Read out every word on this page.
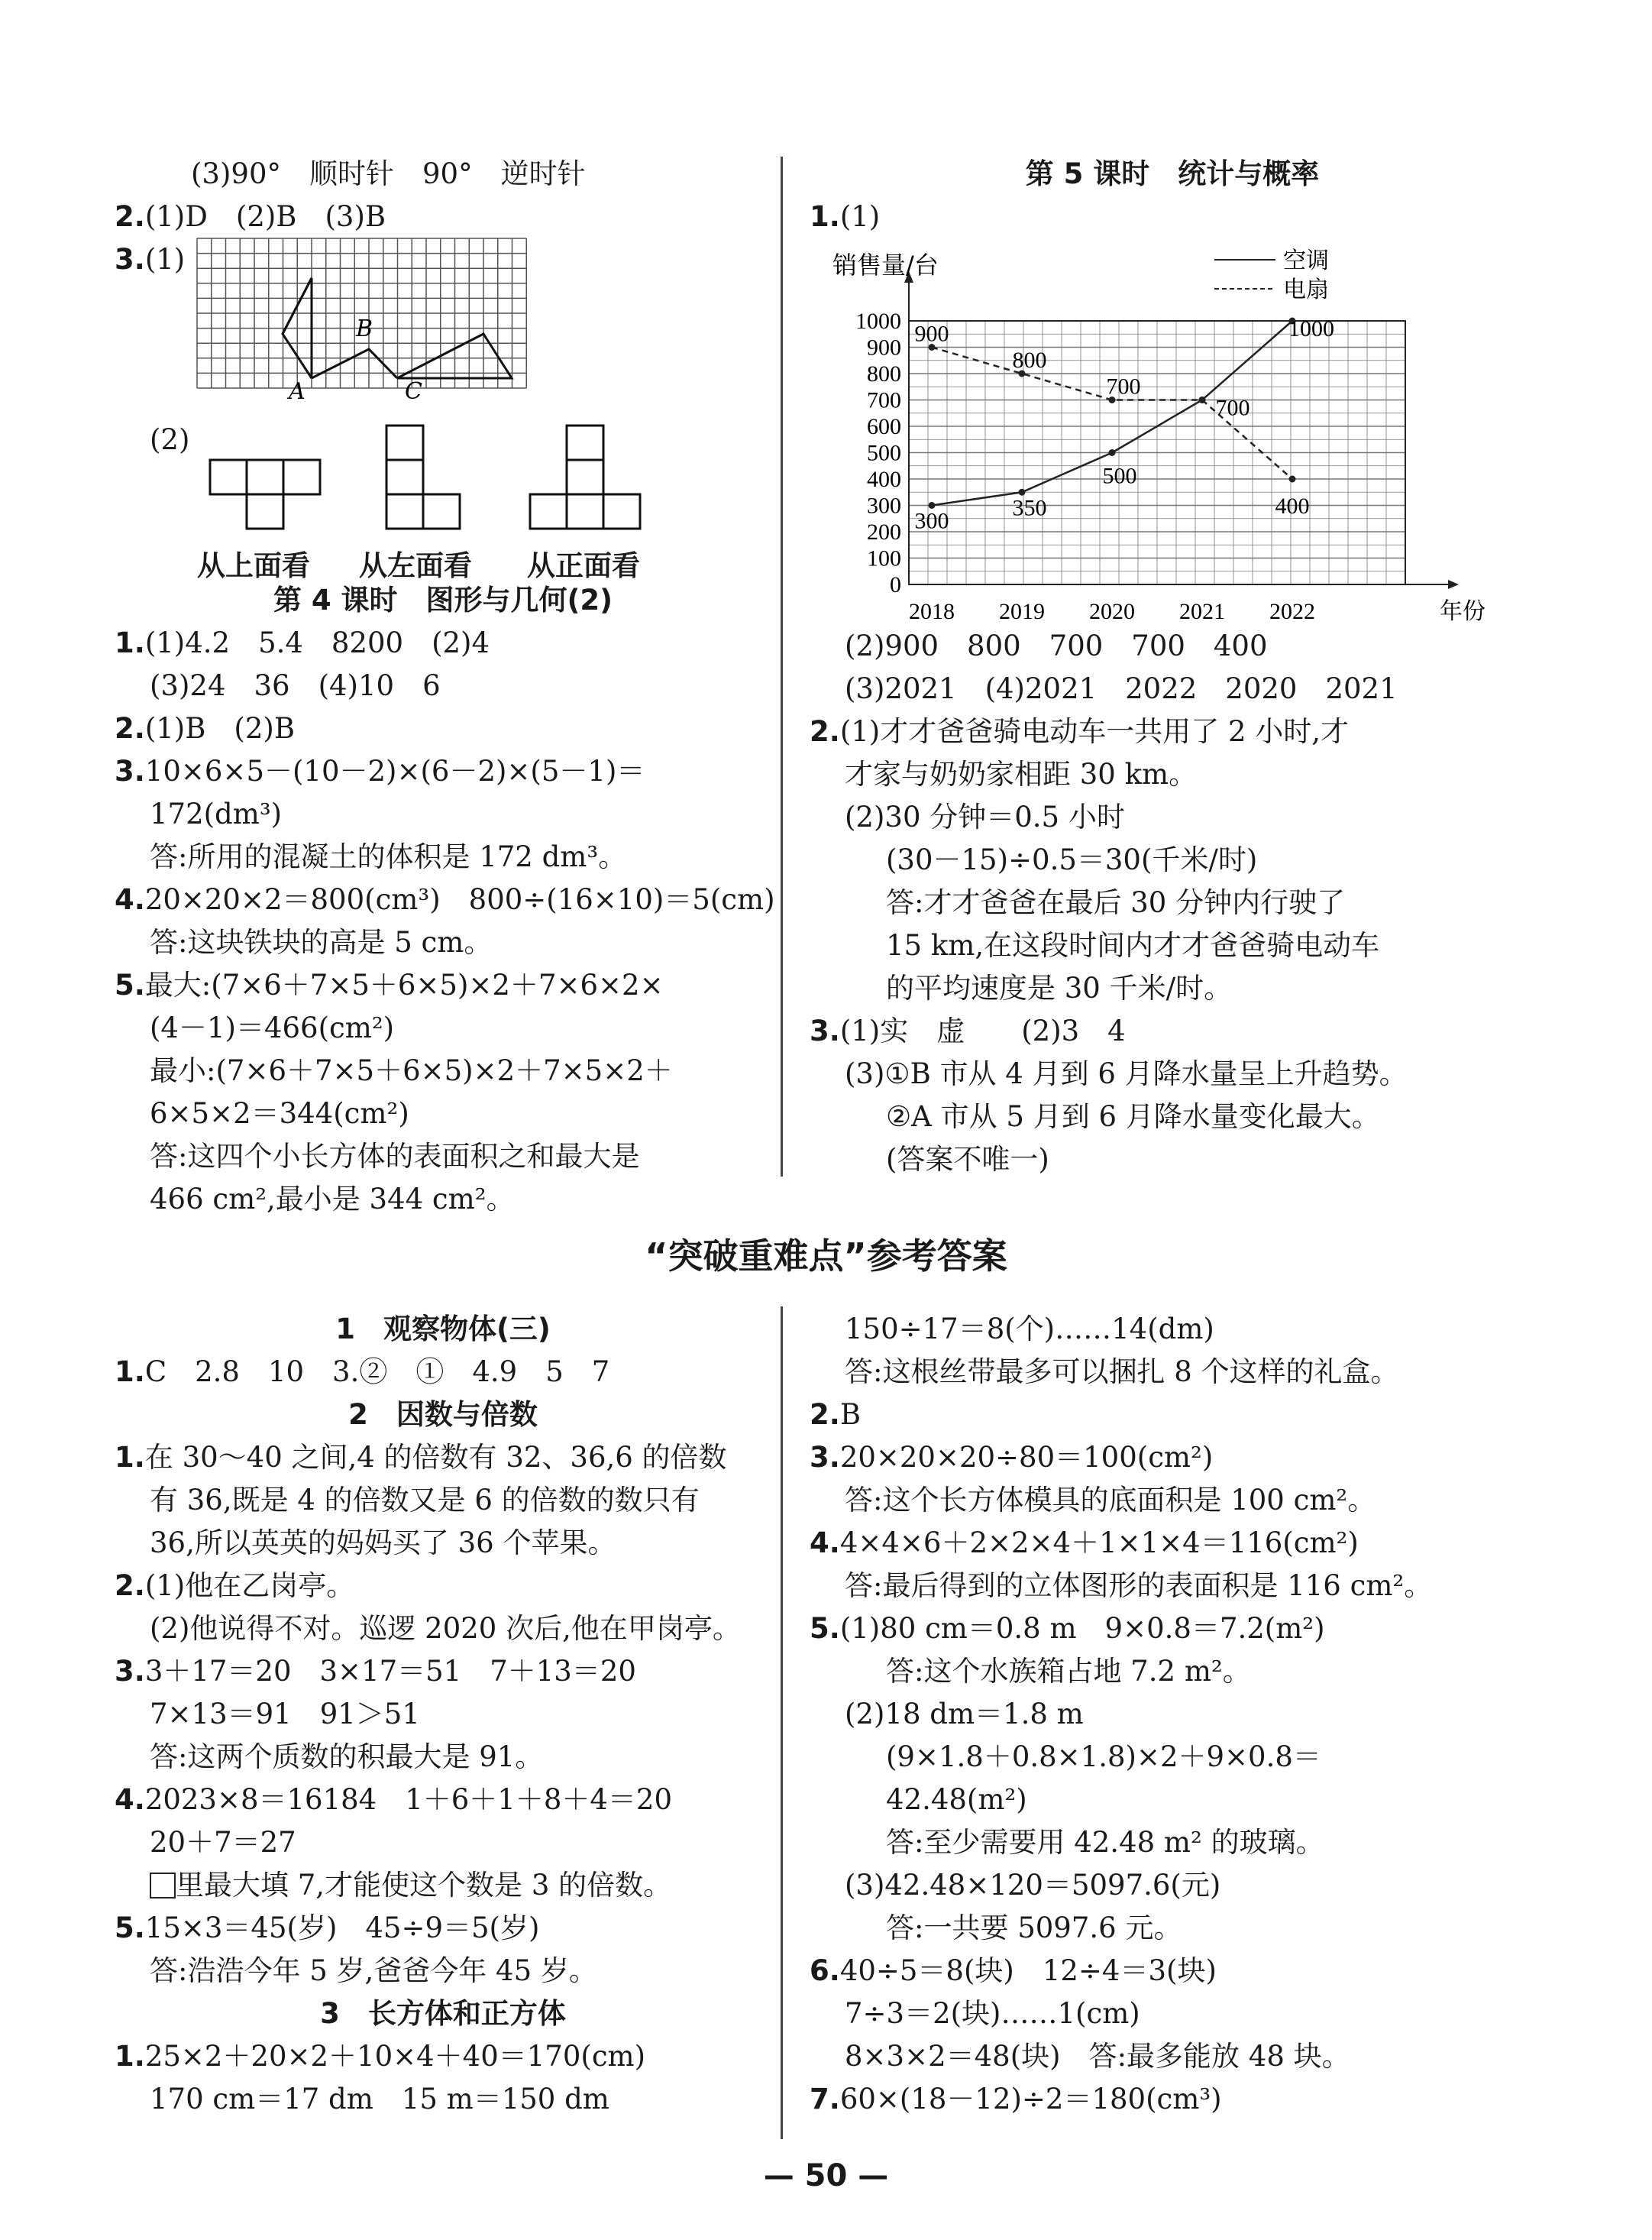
(3)90°　顺时针　90°　逆时针
2.(1)D　(2)B　(3)B
3.(1)
A
B
C
(2)
从上面看 从左面看 从正面看
第 4 课时　图形与几何(2)
1.(1)4.2　5.4　8200　(2)4
(3)24　36　(4)10　6
2.(1)B　(2)B
3.10×6×5－(10－2)×(6－2)×(5－1)＝
172(dm³)
答:所用的混凝土的体积是 172 dm³。
4.20×20×2＝800(cm³)　800÷(16×10)＝5(cm)
答:这块铁块的高是 5 cm。
5.最大:(7×6＋7×5＋6×5)×2＋7×6×2×
(4－1)＝466(cm²)
最小:(7×6＋7×5＋6×5)×2＋7×5×2＋
6×5×2＝344(cm²)
答:这四个小长方体的表面积之和最大是
466 cm²,最小是 344 cm²。
第 5 课时　统计与概率
1.(1)
0
100
200
300
400
500
600
700
800
900
1000
2018 2019 2020 2021 2022	年份
销售量/台	空调
电扇
300
350
500
1000
900
800
700
700
400
(2)900　800　700　700　400
(3)2021　(4)2021　2022　2020　2021
2.(1)才才爸爸骑电动车一共用了 2 小时,才
才家与奶奶家相距 30 km。
(2)30 分钟＝0.5 小时
(30－15)÷0.5＝30(千米/时)
答:才才爸爸在最后 30 分钟内行驶了
15 km,在这段时间内才才爸爸骑电动车
的平均速度是 30 千米/时。
3.(1)实　虚　　(2)3　4
(3)①B 市从 4 月到 6 月降水量呈上升趋势。
②A 市从 5 月到 6 月降水量变化最大。
(答案不唯一)
“突破重难点”参考答案
1　观察物体(三)
1.C　2.8　10　3.②　①　4.9　5　7
2　因数与倍数
1.在 30～40 之间,4 的倍数有 32、36,6 的倍数
有 36,既是 4 的倍数又是 6 的倍数的数只有
36,所以英英的妈妈买了 36 个苹果。
2.(1)他在乙岗亭。
(2)他说得不对。巡逻 2020 次后,他在甲岗亭。
3.3＋17＝20　3×17＝51　7＋13＝20
7×13＝91　91＞51
答:这两个质数的积最大是 91。
4.2023×8＝16184　1＋6＋1＋8＋4＝20
20＋7＝27
里最大填 7,才能使这个数是 3 的倍数。
5.15×3＝45(岁)　45÷9＝5(岁)
答:浩浩今年 5 岁,爸爸今年 45 岁。
3　长方体和正方体
1.25×2＋20×2＋10×4＋40＝170(cm)
170 cm＝17 dm　15 m＝150 dm
150÷17＝8(个)……14(dm)
答:这根丝带最多可以捆扎 8 个这样的礼盒。
2.B
3.20×20×20÷80＝100(cm²)
答:这个长方体模具的底面积是 100 cm²。
4.4×4×6＋2×2×4＋1×1×4＝116(cm²)
答:最后得到的立体图形的表面积是 116 cm²。
5.(1)80 cm＝0.8 m　9×0.8＝7.2(m²)
答:这个水族箱占地 7.2 m²。
(2)18 dm＝1.8 m
(9×1.8＋0.8×1.8)×2＋9×0.8＝
42.48(m²)
答:至少需要用 42.48 m² 的玻璃。
(3)42.48×120＝5097.6(元)
答:一共要 5097.6 元。
6.40÷5＝8(块)　12÷4＝3(块)
7÷3＝2(块)……1(cm)
8×3×2＝48(块)　答:最多能放 48 块。
7.60×(18－12)÷2＝180(cm³)
— 50 —
